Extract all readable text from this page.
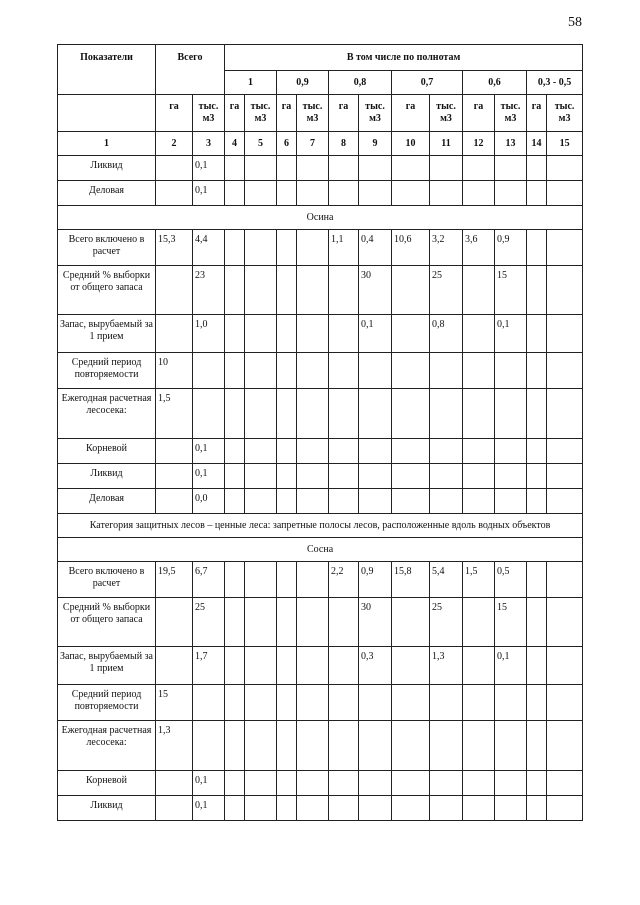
58
Показатели	Всего		В том числе по полнотам											
			1		0,9		0,8		0,7		0,6		0,3 - 0,5	
	га	тыс. м3	га	тыс. м3	га	тыс. м3	га	тыс. м3	га	тыс. м3	га	тыс. м3	га	тыс. м3
1	2	3	4	5	6	7	8	9	10	11	12	13	14	15
Ликвид		0,1												
Деловая		0,1												
Осина														
Всего включено в расчет	15,3	4,4					1,1	0,4	10,6	3,2	3,6	0,9		
Средний % выборки от общего запаса		23						30		25		15		
Запас, вырубаемый за 1 прием		1,0						0,1		0,8		0,1		
Средний период повторяемости	10													
Ежегодная расчетная лесосека:	1,5													
Корневой		0,1												
Ликвид		0,1												
Деловая		0,0												
Категория защитных лесов – ценные леса: запретные полосы лесов, расположенные вдоль водных объектов														
Сосна														
Всего включено в расчет	19,5	6,7					2,2	0,9	15,8	5,4	1,5	0,5		
Средний % выборки от общего запаса		25						30		25		15		
Запас, вырубаемый за 1 прием		1,7						0,3		1,3		0,1		
Средний период повторяемости	15													
Ежегодная расчетная лесосека:	1,3													
Корневой		0,1												
Ликвид		0,1												
